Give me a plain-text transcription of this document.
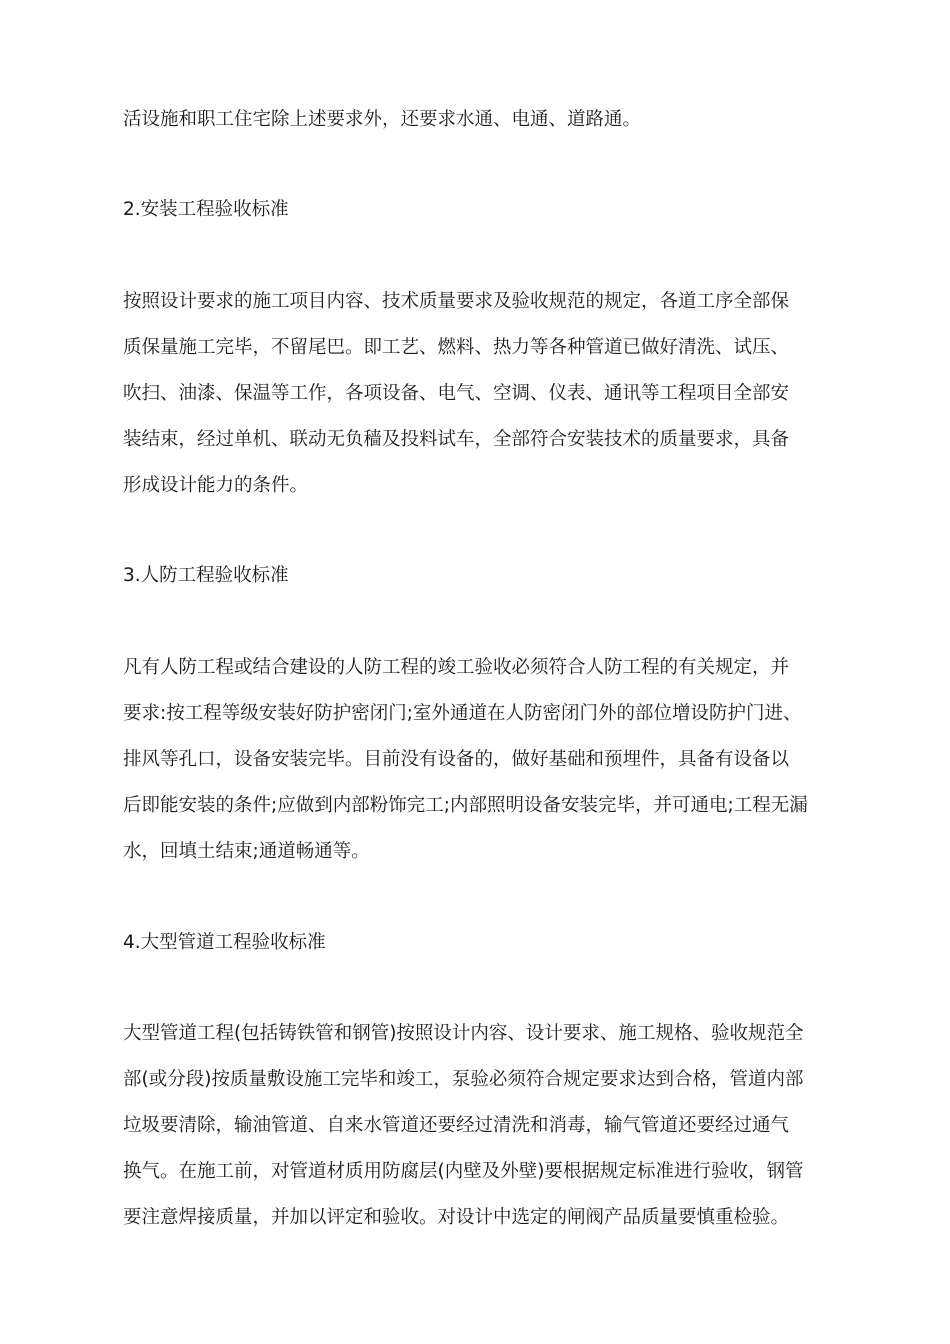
活设施和职工住宅除上述要求外，还要求水通、电通、道路通。
2.安装工程验收标准
按照设计要求的施工项目内容、技术质量要求及验收规范的规定，各道工序全部保
质保量施工完毕，不留尾巴。即工艺、燃料、热力等各种管道已做好清洗、试压、
吹扫、油漆、保温等工作，各项设备、电气、空调、仪表、通讯等工程项目全部安
装结束，经过单机、联动无负穑及投料试车，全部符合安装技术的质量要求，具备
形成设计能力的条件。
3.人防工程验收标准
凡有人防工程或结合建设的人防工程的竣工验收必须符合人防工程的有关规定，并
要求:按工程等级安装好防护密闭门;室外通道在人防密闭门外的部位增设防护门进、
排风等孔口，设备安装完毕。目前没有设备的，做好基础和预埋件，具备有设备以
后即能安装的条件;应做到内部粉饰完工;内部照明设备安装完毕，并可通电;工程无漏
水，回填土结束;通道畅通等。
4.大型管道工程验收标准
大型管道工程(包括铸铁管和钢管)按照设计内容、设计要求、施工规格、验收规范全
部(或分段)按质量敷设施工完毕和竣工，泵验必须符合规定要求达到合格，管道内部
垃圾要清除，输油管道、自来水管道还要经过清洗和消毒，输气管道还要经过通气
换气。在施工前，对管道材质用防腐层(内壁及外壁)要根据规定标准进行验收，钢管
要注意焊接质量，并加以评定和验收。对设计中选定的闸阀产品质量要慎重检验。
